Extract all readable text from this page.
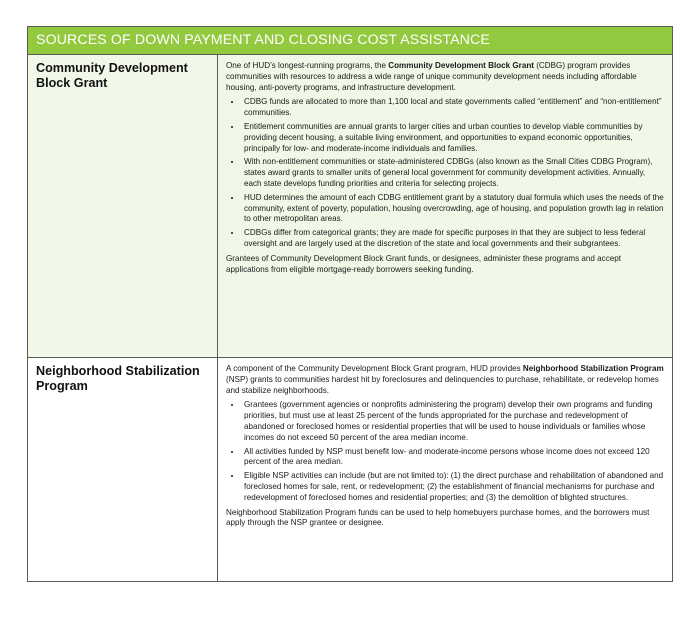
SOURCES OF DOWN PAYMENT AND CLOSING COST ASSISTANCE
Community Development Block Grant

One of HUD’s longest-running programs, the Community Development Block Grant (CDBG) program provides communities with resources to address a wide range of unique community development needs including affordable housing, anti-poverty programs, and infrastructure development.

• CDBG funds are allocated to more than 1,100 local and state governments called “entitlement” and “non-entitlement” communities.
• Entitlement communities are annual grants to larger cities and urban counties to develop viable communities by providing decent housing, a suitable living environment, and opportunities to expand economic opportunities, principally for low- and moderate-income individuals and families.
• With non-entitlement communities or state-administered CDBGs (also known as the Small Cities CDBG Program), states award grants to smaller units of general local government for community development activities. Annually, each state develops funding priorities and criteria for selecting projects.
• HUD determines the amount of each CDBG entitlement grant by a statutory dual formula which uses the needs of the community, extent of poverty, population, housing overcrowding, age of housing, and population growth lag in relation to other metropolitan areas.
• CDBGs differ from categorical grants; they are made for specific purposes in that they are subject to less federal oversight and are largely used at the discretion of the state and local governments and their subgrantees.

Grantees of Community Development Block Grant funds, or designees, administer these programs and accept applications from eligible mortgage-ready borrowers seeking funding.

Neighborhood Stabilization Program

A component of the Community Development Block Grant program, HUD provides Neighborhood Stabilization Program (NSP) grants to communities hardest hit by foreclosures and delinquencies to purchase, rehabilitate, or redevelop homes and stabilize neighborhoods.

• Grantees (government agencies or nonprofits administering the program) develop their own programs and funding priorities, but must use at least 25 percent of the funds appropriated for the purchase and redevelopment of abandoned or foreclosed homes or residential properties that will be used to house individuals or families whose incomes do not exceed 50 percent of the area median income.
• All activities funded by NSP must benefit low- and moderate-income persons whose income does not exceed 120 percent of the area median.
• Eligible NSP activities can include (but are not limited to): (1) the direct purchase and rehabilitation of abandoned and foreclosed homes for sale, rent, or redevelopment; (2) the establishment of financial mechanisms for purchase and redevelopment of foreclosed homes and residential properties; and (3) the demolition of blighted structures.

Neighborhood Stabilization Program funds can be used to help homebuyers purchase homes, and the borrowers must apply through the NSP grantee or designee.
